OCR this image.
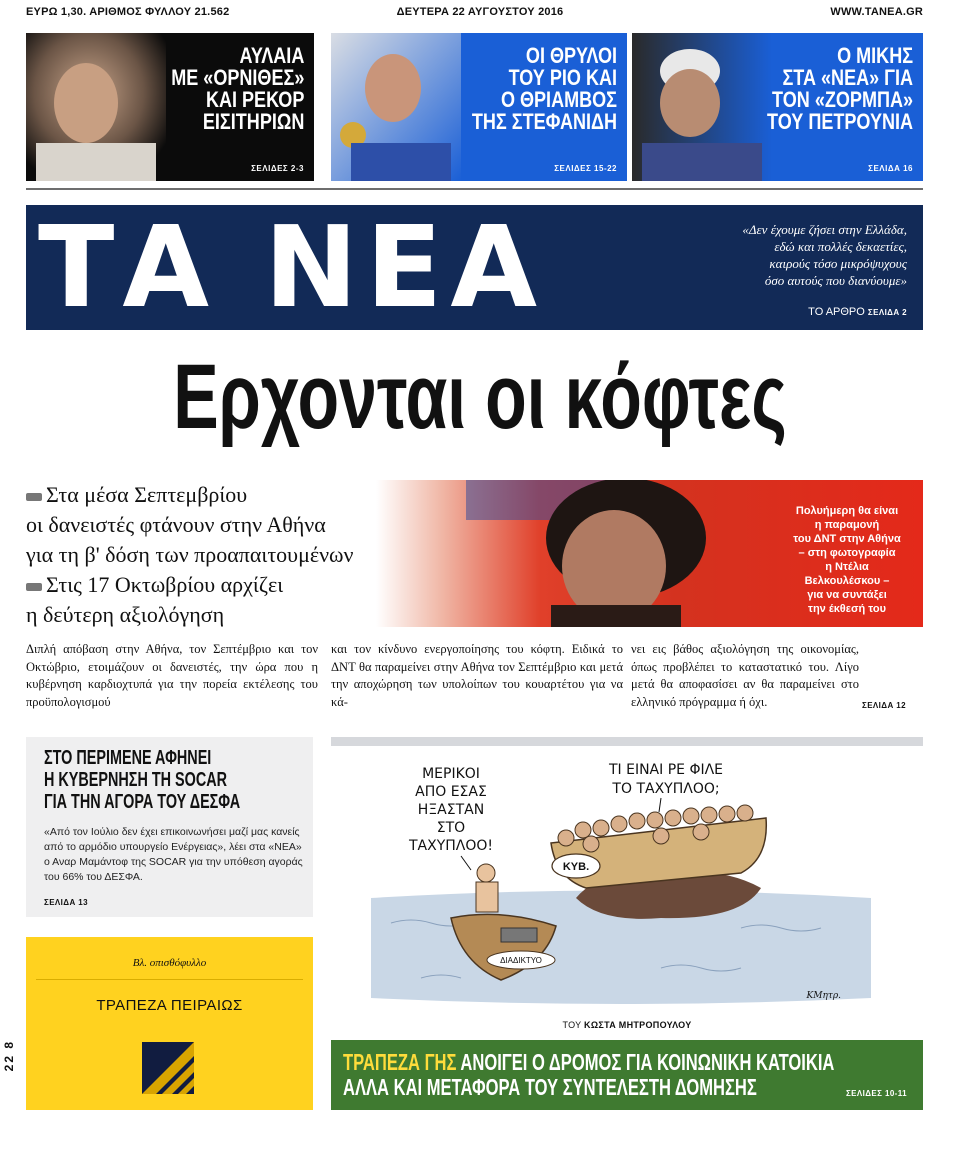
ΕΥΡΩ 1,30. ΑΡΙΘΜΟΣ ΦΥΛΛΟΥ 21.562	ΔΕΥΤΕΡΑ 22 ΑΥΓΟΥΣΤΟΥ 2016	WWW.TANEA.GR
ΑΥΛΑΙΑ
ΜΕ «ΟΡΝΙΘΕΣ»
ΚΑΙ ΡΕΚΟΡ
ΕΙΣΙΤΗΡΙΩΝ
ΣΕΛΙΔΕΣ 2-3
ΟΙ ΘΡΥΛΟΙ
ΤΟΥ ΡΙΟ ΚΑΙ
Ο ΘΡΙΑΜΒΟΣ
ΤΗΣ ΣΤΕΦΑΝΙΔΗ
ΣΕΛΙΔΕΣ 15-22
Ο ΜΙΚΗΣ
ΣΤΑ «ΝΕΑ» ΓΙΑ
ΤΟΝ «ΖΟΡΜΠΑ»
ΤΟΥ ΠΕΤΡΟΥΝΙΑ
ΣΕΛΙΔΑ 16
ΤΑ ΝΕΑ	«Δεν έχουμε ζήσει στην Ελλάδα,
εδώ και πολλές δεκαετίες,
καιρούς τόσο μικρόψυχους
όσο αυτούς που διανύουμε»
ΤΟ ΑΡΘΡΟ ΣΕΛΙΔΑ 2
Ερχονται οι κόφτες
Πολυήμερη θα είναι
η παραμονή
του ΔΝΤ στην Αθήνα
– στη φωτογραφία
η Ντέλια
Βελκουλέσκου –
για να συντάξει
την έκθεσή του
Στα μέσα Σεπτεμβρίου
οι δανειστές φτάνουν στην Αθήνα
για τη β' δόση των προαπαιτουμένων
Στις 17 Οκτωβρίου αρχίζει
η δεύτερη αξιολόγηση
Διπλή απόβαση στην Αθήνα, τον Σεπτέμβριο και τον Οκτώβριο, ετοιμάζουν οι δανειστές, την ώρα που η κυβέρνηση καρδιοχτυπά για την πορεία εκτέλεσης του προϋπολογισμού
και τον κίνδυνο ενεργοποίησης του κόφτη. Ειδικά το ΔΝΤ θα παραμείνει στην Αθήνα τον Σεπτέμβριο και μετά την αποχώρηση των υπολοίπων του κουαρτέτου για να κά-
νει εις βάθος αξιολόγηση της οικονομίας, όπως προβλέπει το καταστατικό του. Λίγο μετά θα αποφασίσει αν θα παραμείνει στο ελληνικό πρόγραμμα ή όχι.	ΣΕΛΙΔΑ 12
ΣΤΟ ΠΕΡΙΜΕΝΕ ΑΦΗΝΕΙ
Η ΚΥΒΕΡΝΗΣΗ ΤΗ SOCAR
ΓΙΑ ΤΗΝ ΑΓΟΡΑ ΤΟΥ ΔΕΣΦΑ
«Από τον Ιούλιο δεν έχει επικοινωνήσει μαζί μας κανείς από το αρμόδιο υπουργείο Ενέργειας», λέει στα «ΝΕΑ» ο Αναρ Μαμάντοφ της SOCAR για την υπόθεση αγοράς του 66% του ΔΕΣΦΑ.
ΣΕΛΙΔΑ 13
Βλ. οπισθόφυλλο
ΤΡΑΠΕΖΑ ΠΕΙΡΑΙΩΣ
22 8
ΚΥΒ.
ΔΙΑΔΙΚΤΥΟ
ΜΕΡΙΚΟΙ
ΑΠΟ ΕΣΑΣ
ΗΞΑΣΤΑΝ
ΣΤΟ
ΤΑΧΥΠΛΟΟ!
ΤΙ ΕΙΝΑΙ ΡΕ ΦΙΛΕ
ΤΟ ΤΑΧΥΠΛΟΟ;
ΚΜητρ.
ΤΟΥ ΚΩΣΤΑ ΜΗΤΡΟΠΟΥΛΟΥ
ΤΡΑΠΕΖΑ ΓΗΣ ΑΝΟΙΓΕΙ Ο ΔΡΟΜΟΣ ΓΙΑ ΚΟΙΝΩΝΙΚΗ ΚΑΤΟΙΚΙΑ
ΑΛΛΑ ΚΑΙ ΜΕΤΑΦΟΡΑ ΤΟΥ ΣΥΝΤΕΛΕΣΤΗ ΔΟΜΗΣΗΣ	ΣΕΛΙΔΕΣ 10-11
